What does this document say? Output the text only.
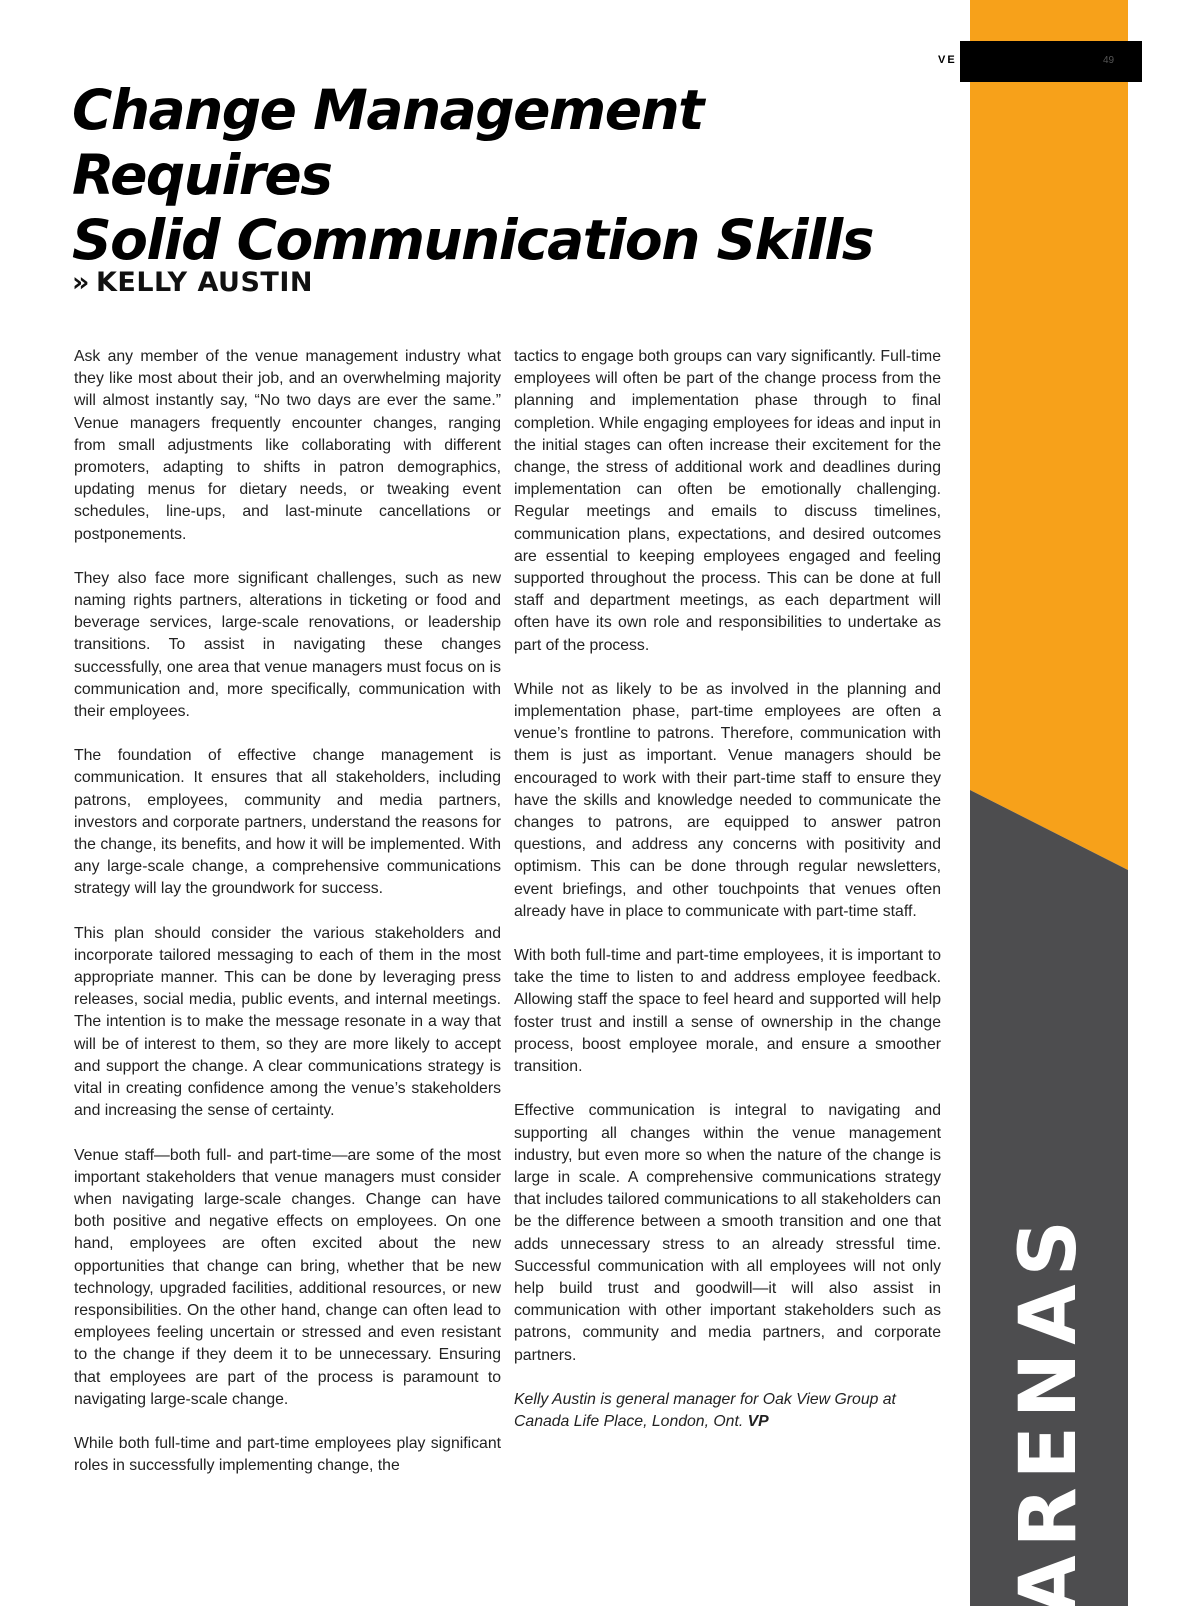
VE	49
ARENAS
Change Management Requires
Solid Communication Skills
» KELLY AUSTIN

Ask any member of the venue management industry what they like most about their job, and an overwhelming majority will almost instantly say, “No two days are ever the same.” Venue managers frequently encounter changes, ranging from small adjustments like collaborating with different promoters, adapting to shifts in patron demographics, updating menus for dietary needs, or tweaking event schedules, line-ups, and last-minute cancellations or postponements.

They also face more significant challenges, such as new naming rights partners, alterations in ticketing or food and beverage services, large-scale renovations, or leadership transitions. To assist in navigating these changes successfully, one area that venue managers must focus on is communication and, more specifically, communication with their employees.

The foundation of effective change management is communication. It ensures that all stakeholders, including patrons, employees, community and media partners, investors and corporate partners, understand the reasons for the change, its benefits, and how it will be implemented. With any large-scale change, a comprehensive communications strategy will lay the groundwork for success.

This plan should consider the various stakeholders and incorporate tailored messaging to each of them in the most appropriate manner. This can be done by leveraging press releases, social media, public events, and internal meetings. The intention is to make the message resonate in a way that will be of interest to them, so they are more likely to accept and support the change. A clear communications strategy is vital in creating confidence among the venue’s stakeholders and increasing the sense of certainty.

Venue staff—both full- and part-time—are some of the most important stakeholders that venue managers must consider when navigating large-scale changes. Change can have both positive and negative effects on employees. On one hand, employees are often excited about the new opportunities that change can bring, whether that be new technology, upgraded facilities, additional resources, or new responsibilities. On the other hand, change can often lead to employees feeling uncertain or stressed and even resistant to the change if they deem it to be unnecessary. Ensuring that employees are part of the process is paramount to navigating large-scale change.

While both full-time and part-time employees play significant roles in successfully implementing change, the

tactics to engage both groups can vary significantly. Full-time employees will often be part of the change process from the planning and implementation phase through to final completion. While engaging employees for ideas and input in the initial stages can often increase their excitement for the change, the stress of additional work and deadlines during implementation can often be emotionally challenging. Regular meetings and emails to discuss timelines, communication plans, expectations, and desired outcomes are essential to keeping employees engaged and feeling supported throughout the process. This can be done at full staff and department meetings, as each department will often have its own role and responsibilities to undertake as part of the process.

While not as likely to be as involved in the planning and implementation phase, part-time employees are often a venue’s frontline to patrons. Therefore, communication with them is just as important. Venue managers should be encouraged to work with their part-time staff to ensure they have the skills and knowledge needed to communicate the changes to patrons, are equipped to answer patron questions, and address any concerns with positivity and optimism. This can be done through regular newsletters, event briefings, and other touchpoints that venues often already have in place to communicate with part-time staff.

With both full-time and part-time employees, it is important to take the time to listen to and address employee feedback. Allowing staff the space to feel heard and supported will help foster trust and instill a sense of ownership in the change process, boost employee morale, and ensure a smoother transition.

Effective communication is integral to navigating and supporting all changes within the venue management industry, but even more so when the nature of the change is large in scale. A comprehensive communications strategy that includes tailored communications to all stakeholders can be the difference between a smooth transition and one that adds unnecessary stress to an already stressful time. Successful communication with all employees will not only help build trust and goodwill—it will also assist in communication with other important stakeholders such as patrons, community and media partners, and corporate partners.

Kelly Austin is general manager for Oak View Group at Canada Life Place, London, Ont. VP
